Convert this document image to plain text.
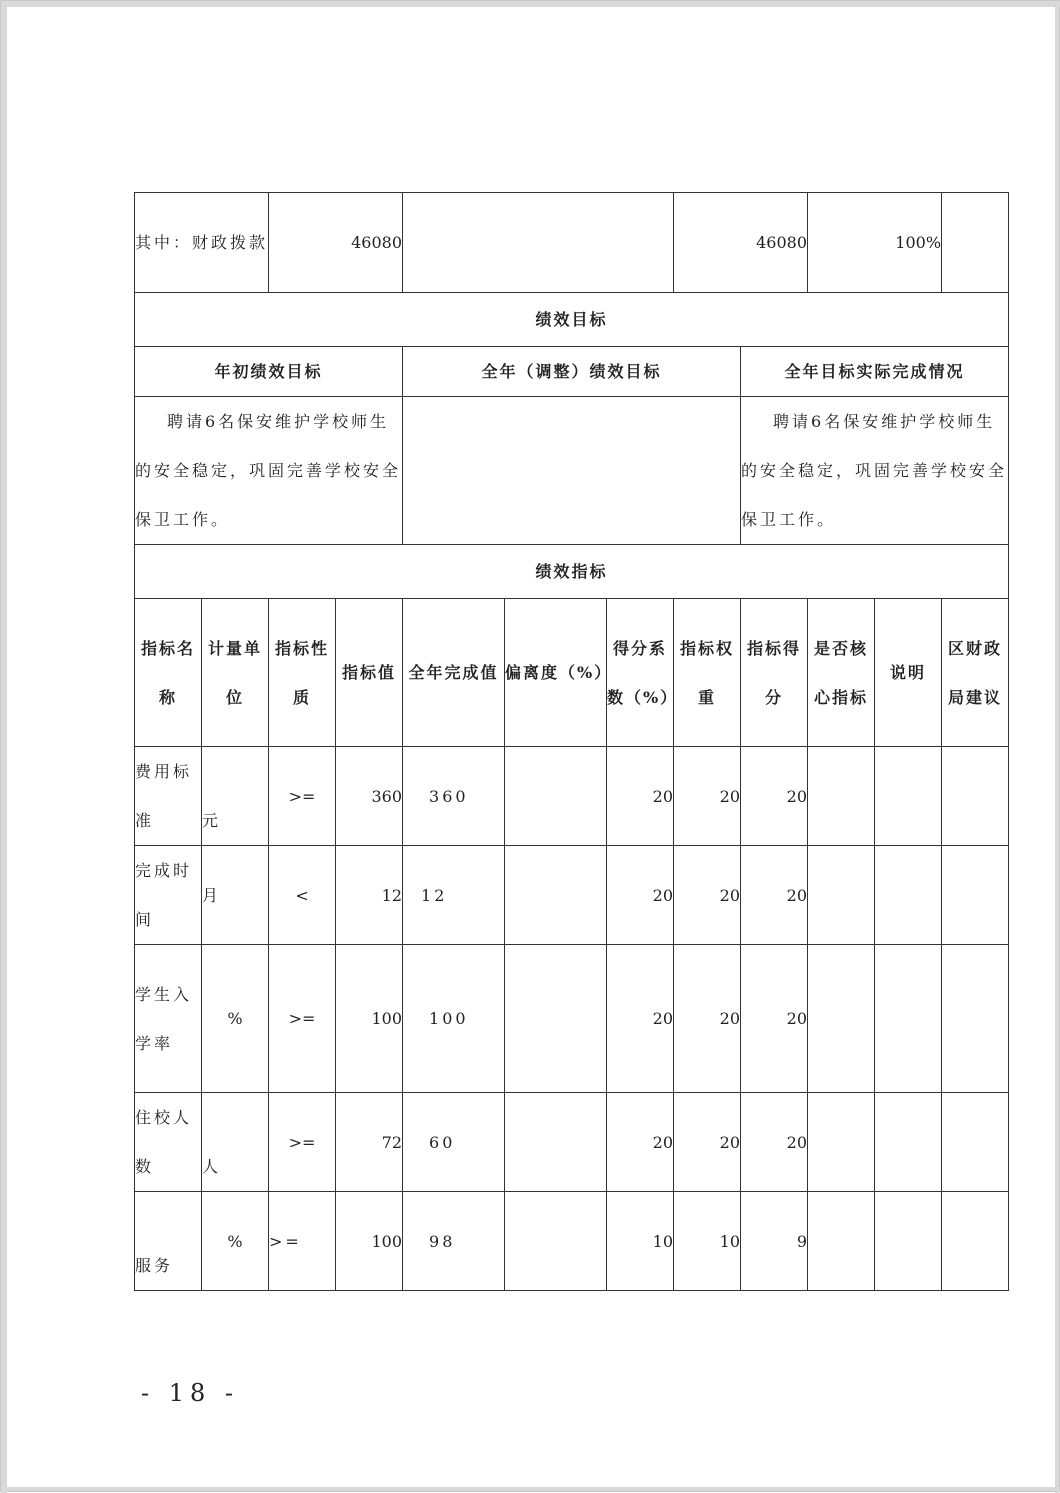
其中：财政拨款		46080					46080		100%			
绩效目标												
年初绩效目标				全年（调整）绩效目标				全年目标实际完成情况				
聘请6名保安维护学校师生的安全稳定，巩固完善学校安全保卫工作。								聘请6名保安维护学校师生的安全稳定，巩固完善学校安全保卫工作。				
绩效指标												
指标名称	计量单位	指标性质	指标值	全年完成值	偏离度（%）	得分系数（%）	指标权重	指标得分	是否核心指标	说明	区财政局建议	
费用标准	元	>=	360	360		20	20	20				
完成时间	月	<	12	12		20	20	20				
学生入学率	%	>=	100	100		20	20	20				
住校人数	人	>=	72	60		20	20	20				
服务	%	>=	100	98		10	10	9				
- 18 -
